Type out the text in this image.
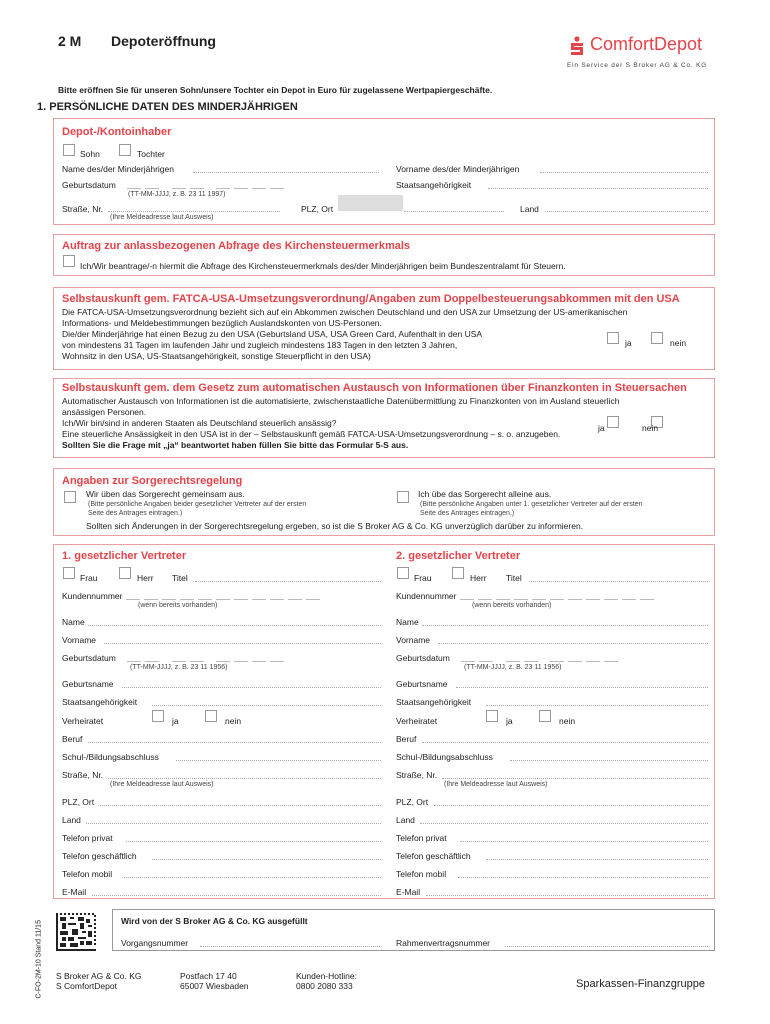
2 M Depoteröffnung	ComfortDepot
Ein Service der S Broker AG & Co. KG
Bitte eröffnen Sie für unseren Sohn/unsere Tochter ein Depot in Euro für zugelassene Wertpapiergeschäfte.
1. PERSÖNLICHE DATEN DES MINDERJÄHRIGEN
Depot-/Kontoinhaber
Sohn	Tochter
Name des/der Minderjährigen	Vorname des/der Minderjährigen
Geburtsdatum
(TT-MM-JJJJ, z. B. 23 11 1997)
Staatsangehörigkeit
Straße, Nr.
(Ihre Meldeadresse laut Ausweis)
PLZ, Ort	Land
Auftrag zur anlassbezogenen Abfrage des Kirchensteuermerkmals
Ich/Wir beantrage/-n hiermit die Abfrage des Kirchensteuermerkmals des/der Minderjährigen beim Bundeszentralamt für Steuern.
Selbstauskunft gem. FATCA-USA-Umsetzungsverordnung/Angaben zum Doppelbesteuerungsabkommen mit den USA
Die FATCA-USA-Umsetzungsverordnung bezieht sich auf ein Abkommen zwischen Deutschland und den USA zur Umsetzung der US-amerikanischen
Informations- und Meldebestimmungen bezüglich Auslandskonten von US-Personen.
Die/der Minderjährige hat einen Bezug zu den USA (Geburtsland USA, USA Green Card, Aufenthalt in den USA
von mindestens 31 Tagen im laufenden Jahr und zugleich mindestens 183 Tagen in den letzten 3 Jahren,
Wohnsitz in den USA, US-Staatsangehörigkeit, sonstige Steuerpflicht in den USA)
ja	nein
Selbstauskunft gem. dem Gesetz zum automatischen Austausch von Informationen über Finanzkonten in Steuersachen
Automatischer Austausch von Informationen ist die automatisierte, zwischenstaatliche Datenübermittlung zu Finanzkonten von im Ausland steuerlich
ansässigen Personen.
Ich/Wir bin/sind in anderen Staaten als Deutschland steuerlich ansässig?
Eine steuerliche Ansässigkeit in den USA ist in der – Selbstauskunft gemäß FATCA-USA-Umsetzungsverordnung – s. o. anzugeben.
Sollten Sie die Frage mit „ja“ beantwortet haben füllen Sie bitte das Formular 5-S aus.
ja	nein
Angaben zur Sorgerechtsregelung
Wir üben das Sorgerecht gemeinsam aus.
(Bitte persönliche Angaben beider gesetzlicher Vertreter auf der ersten
Seite des Antrages eintragen.)
Ich übe das Sorgerecht alleine aus.
(Bitte persönliche Angaben unter 1. gesetzlicher Vertreter auf der ersten
Seite des Antrages eintragen.)
Sollten sich Änderungen in der Sorgerechtsregelung ergeben, so ist die S Broker AG & Co. KG unverzüglich darüber zu informieren.
1. gesetzlicher Vertreter
Frau	Herr Titel
Kundennummer
(wenn bereits vorhanden)
Name
Vorname
Geburtsdatum
(TT-MM-JJJJ, z. B. 23 11 1956)
Geburtsname
Staatsangehörigkeit
Verheiratet	ja	nein
Beruf
Schul-/Bildungsabschluss
Straße, Nr.
(Ihre Meldeadresse laut Ausweis)
PLZ, Ort
Land
Telefon privat
Telefon geschäftlich
Telefon mobil
E-Mail
2. gesetzlicher Vertreter
Frau	Herr Titel
Kundennummer
(wenn bereits vorhanden)
Name
Vorname
Geburtsdatum
(TT-MM-JJJJ, z. B. 23 11 1956)
Geburtsname
Staatsangehörigkeit
Verheiratet	ja	nein
Beruf
Schul-/Bildungsabschluss
Straße, Nr.
(Ihre Meldeadresse laut Ausweis)
PLZ, Ort
Land
Telefon privat
Telefon geschäftlich
Telefon mobil
E-Mail
C-FO-2M-10 Stand 11/15	Wird von der S Broker AG & Co. KG ausgefüllt
Vorgangsnummer	Rahmenvertragsnummer
S Broker AG & Co. KG
S ComfortDepot
Postfach 17 40
65007 Wiesbaden
Kunden-Hotline:
0800 2080 333	Sparkassen-Finanzgruppe
